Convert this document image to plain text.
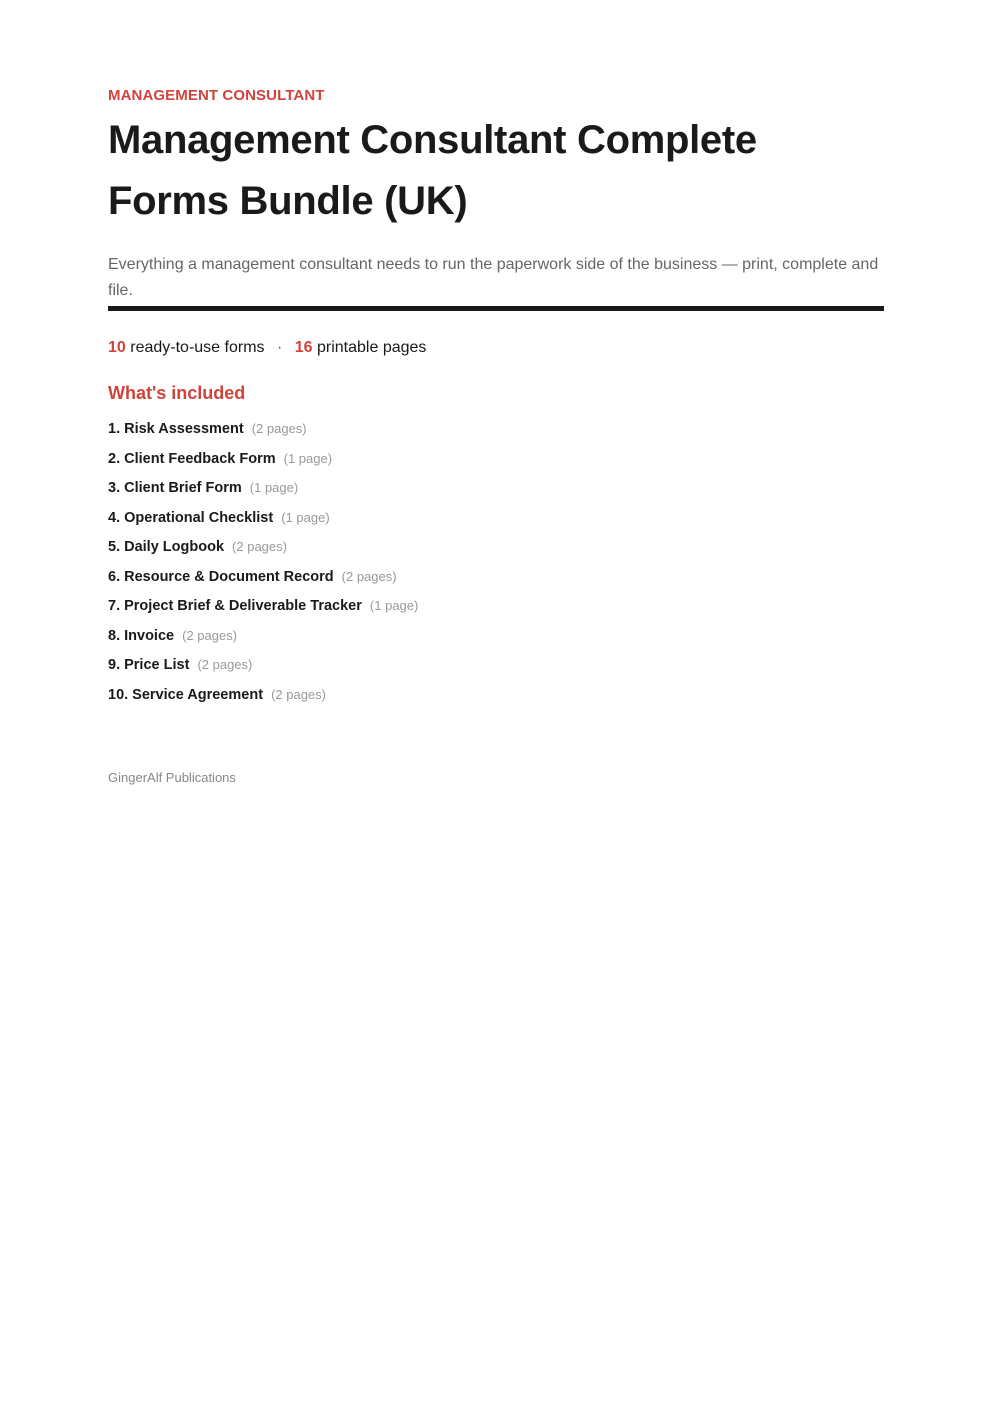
MANAGEMENT CONSULTANT

Management Consultant Complete Forms Bundle (UK)

Everything a management consultant needs to run the paperwork side of the business — print, complete and file.

10 ready-to-use forms · 16 printable pages
What's included
1. Risk Assessment (2 pages)
2. Client Feedback Form (1 page)
3. Client Brief Form (1 page)
4. Operational Checklist (1 page)
5. Daily Logbook (2 pages)
6. Resource & Document Record (2 pages)
7. Project Brief & Deliverable Tracker (1 page)
8. Invoice (2 pages)
9. Price List (2 pages)
10. Service Agreement (2 pages)
GingerAlf Publications
